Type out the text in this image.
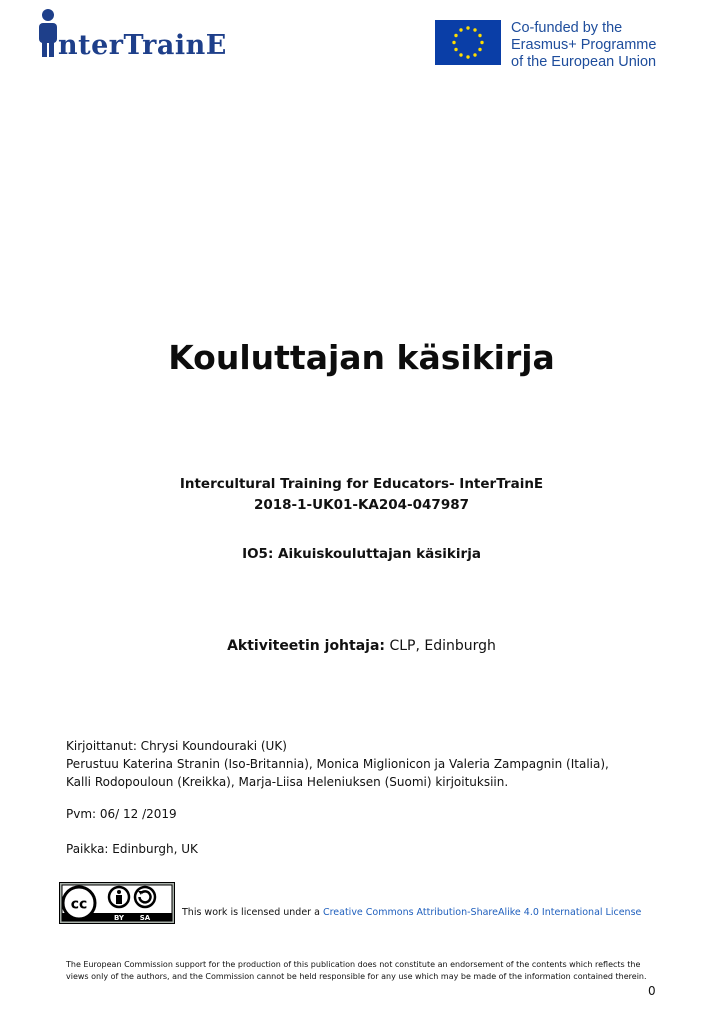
nterTrainE
Co-funded by the
Erasmus+ Programme
of the European Union
Kouluttajan käsikirja
Intercultural Training for Educators- InterTrainE
2018-1-UK01-KA204-047987
IO5: Aikuiskouluttajan käsikirja
Aktiviteetin johtaja: CLP, Edinburgh
Kirjoittanut: Chrysi Koundouraki (UK)
Perustuu Katerina Stranin (Iso-Britannia), Monica Miglionicon ja Valeria Zampagnin (Italia), Kalli Rodopouloun (Kreikka), Marja-Liisa Heleniuksen (Suomi) kirjoituksiin.
Pvm: 06/ 12 /2019
Paikka: Edinburgh, UK
cc
BY SA	This work is licensed under a Creative Commons Attribution-ShareAlike 4.0 International License
The European Commission support for the production of this publication does not constitute an endorsement of the contents which reflects the views only of the authors, and the Commission cannot be held responsible for any use which may be made of the information contained therein.
0
